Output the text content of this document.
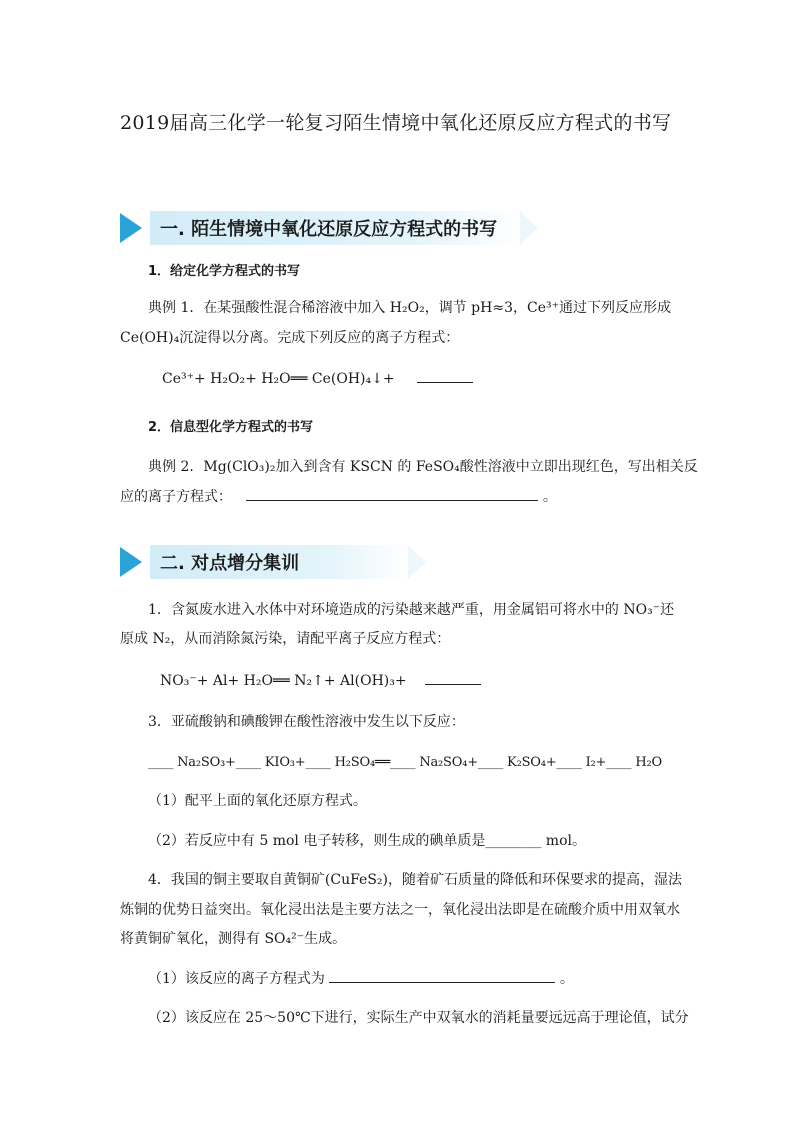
2019届高三化学一轮复习陌生情境中氧化还原反应方程式的书写
一. 陌生情境中氧化还原反应方程式的书写
1．给定化学方程式的书写
典例 1．在某强酸性混合稀溶液中加入 H₂O₂，调节 pH≈3，Ce³⁺通过下列反应形成
Ce(OH)₄沉淀得以分离。完成下列反应的离子方程式：
Ce³⁺+ H₂O₂+ H₂O══ Ce(OH)₄↓+
2．信息型化学方程式的书写
典例 2．Mg(ClO₃)₂加入到含有 KSCN 的 FeSO₄酸性溶液中立即出现红色，写出相关反
应的离子方程式：	。
二. 对点增分集训
1．含氮废水进入水体中对环境造成的污染越来越严重，用金属铝可将水中的 NO₃⁻还
原成 N₂，从而消除氮污染，请配平离子反应方程式：
NO₃⁻+ Al+ H₂O══ N₂↑+ Al(OH)₃+
3．亚硫酸钠和碘酸钾在酸性溶液中发生以下反应：
____ Na₂SO₃+____ KIO₃+____ H₂SO₄══____ Na₂SO₄+____ K₂SO₄+____ I₂+____ H₂O
（1）配平上面的氧化还原方程式。
（2）若反应中有 5 mol 电子转移，则生成的碘单质是________ mol。
4．我国的铜主要取自黄铜矿(CuFeS₂)，随着矿石质量的降低和环保要求的提高，湿法
炼铜的优势日益突出。氧化浸出法是主要方法之一，氧化浸出法即是在硫酸介质中用双氧水
将黄铜矿氧化，测得有 SO₄²⁻生成。
（1）该反应的离子方程式为	。
（2）该反应在 25～50℃下进行，实际生产中双氧水的消耗量要远远高于理论值，试分
